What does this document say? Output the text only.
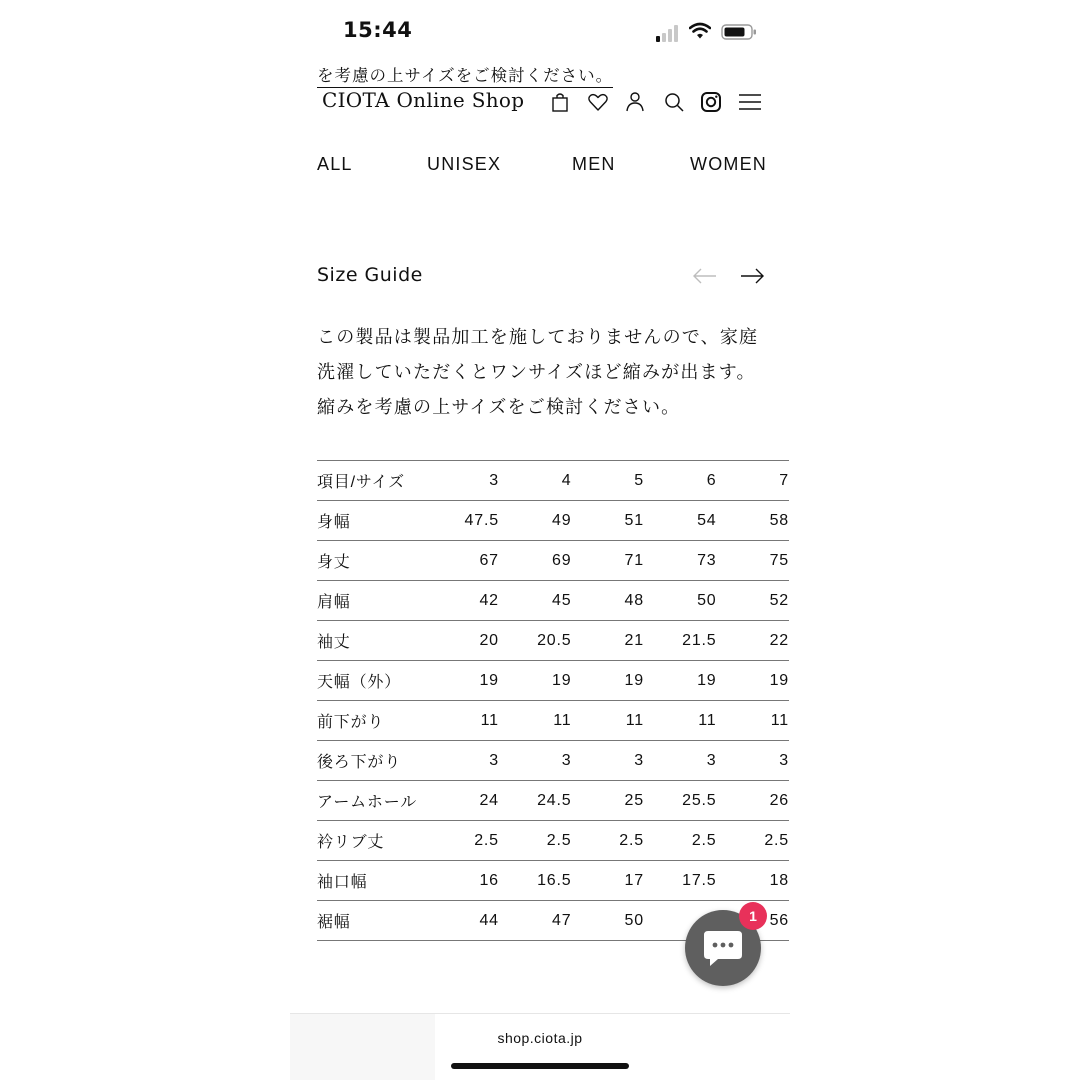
15:44
を考慮の上サイズをご検討ください。
CIOTA Online Shop
ALL	UNISEX	MEN	WOMEN
Size Guide
この製品は製品加工を施しておりませんので、家庭洗濯していただくとワンサイズほど縮みが出ます。縮みを考慮の上サイズをご検討ください。
項目/サイズ	3	4	5	6	7
身幅	47.5	49	51	54	58
身丈	67	69	71	73	75
肩幅	42	45	48	50	52
袖丈	20	20.5	21	21.5	22
天幅（外）	19	19	19	19	19
前下がり	11	11	11	11	11
後ろ下がり	3	3	3	3	3
アームホール	24	24.5	25	25.5	26
衿リブ丈	2.5	2.5	2.5	2.5	2.5
袖口幅	16	16.5	17	17.5	18
裾幅	44	47	50		56
1
shop.ciota.jp
